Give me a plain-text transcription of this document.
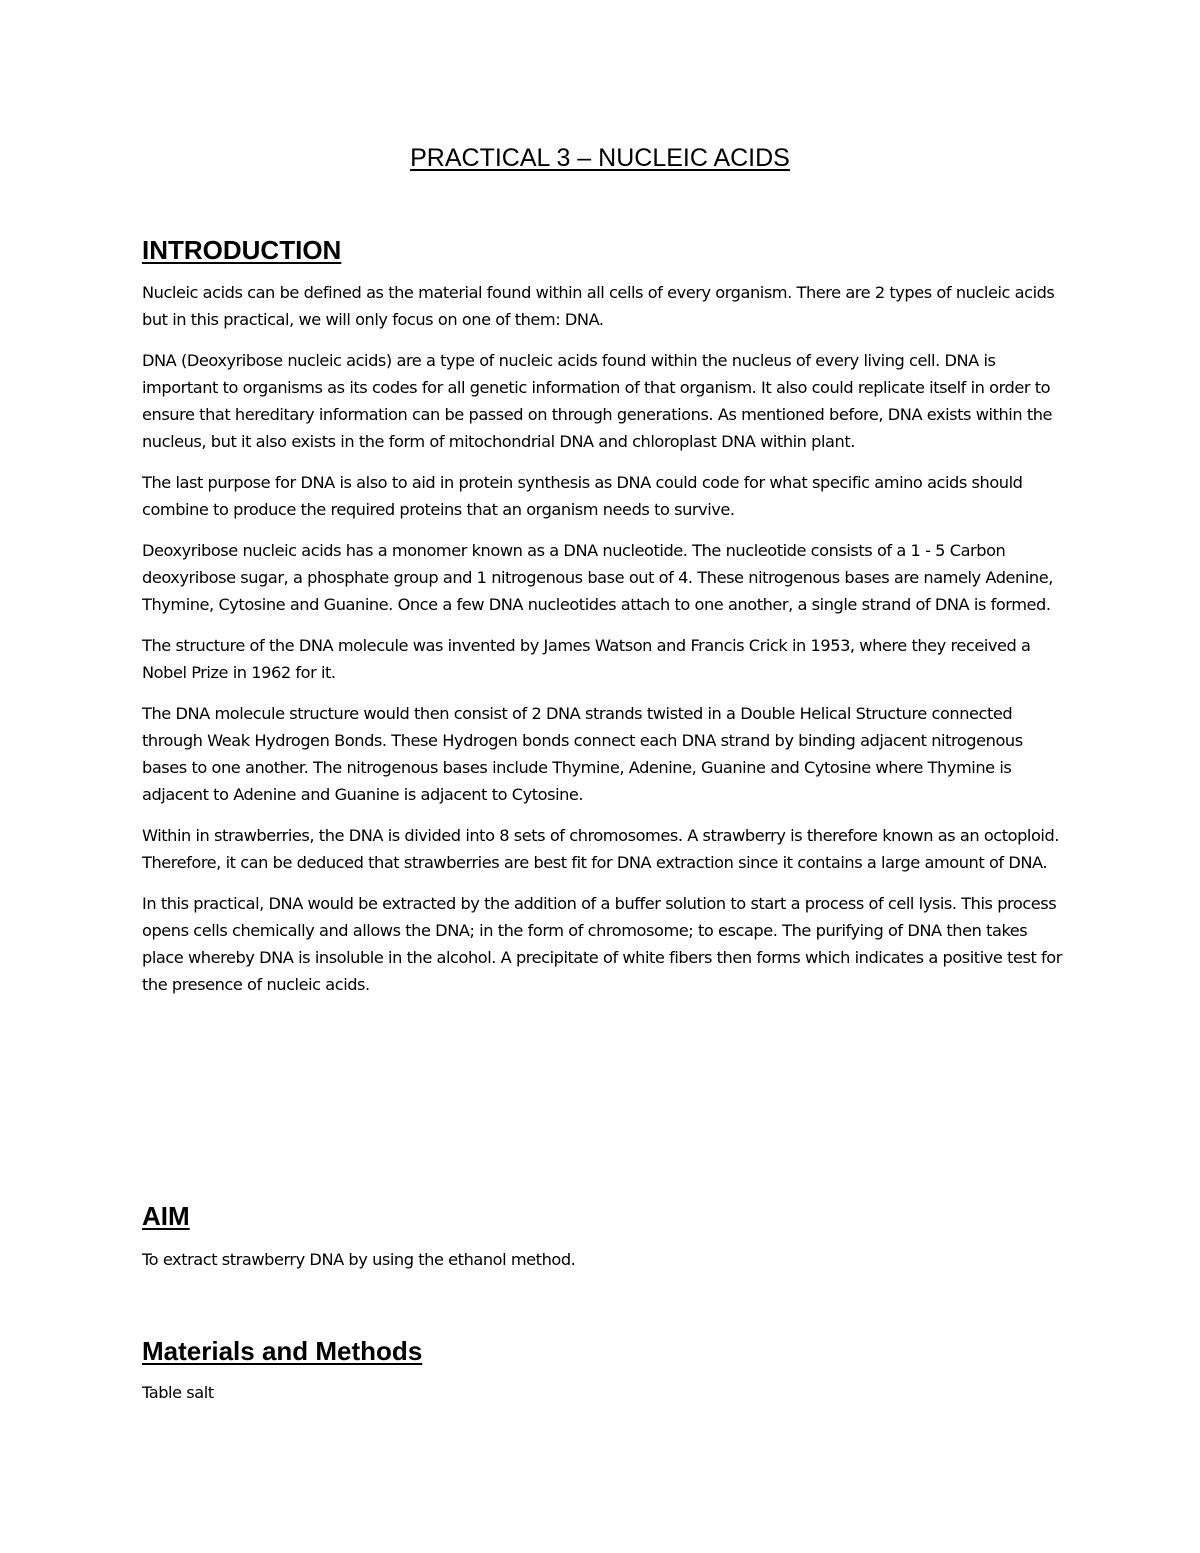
PRACTICAL 3 – NUCLEIC ACIDS
INTRODUCTION

Nucleic acids can be defined as the material found within all cells of every organism. There are 2 types of nucleic acids but in this practical, we will only focus on one of them: DNA.

DNA (Deoxyribose nucleic acids) are a type of nucleic acids found within the nucleus of every living cell. DNA is important to organisms as its codes for all genetic information of that organism. It also could replicate itself in order to ensure that hereditary information can be passed on through generations. As mentioned before, DNA exists within the nucleus, but it also exists in the form of mitochondrial DNA and chloroplast DNA within plant.

The last purpose for DNA is also to aid in protein synthesis as DNA could code for what specific amino acids should combine to produce the required proteins that an organism needs to survive.

Deoxyribose nucleic acids has a monomer known as a DNA nucleotide. The nucleotide consists of a 1 - 5 Carbon deoxyribose sugar, a phosphate group and 1 nitrogenous base out of 4. These nitrogenous bases are namely Adenine, Thymine, Cytosine and Guanine. Once a few DNA nucleotides attach to one another, a single strand of DNA is formed.

The structure of the DNA molecule was invented by James Watson and Francis Crick in 1953, where they received a Nobel Prize in 1962 for it.

The DNA molecule structure would then consist of 2 DNA strands twisted in a Double Helical Structure connected through Weak Hydrogen Bonds. These Hydrogen bonds connect each DNA strand by binding adjacent nitrogenous bases to one another. The nitrogenous bases include Thymine, Adenine, Guanine and Cytosine where Thymine is adjacent to Adenine and Guanine is adjacent to Cytosine.

Within in strawberries, the DNA is divided into 8 sets of chromosomes. A strawberry is therefore known as an octoploid. Therefore, it can be deduced that strawberries are best fit for DNA extraction since it contains a large amount of DNA.

In this practical, DNA would be extracted by the addition of a buffer solution to start a process of cell lysis. This process opens cells chemically and allows the DNA; in the form of chromosome; to escape. The purifying of DNA then takes place whereby DNA is insoluble in the alcohol. A precipitate of white fibers then forms which indicates a positive test for the presence of nucleic acids.

AIM

To extract strawberry DNA by using the ethanol method.

Materials and Methods

Table salt
